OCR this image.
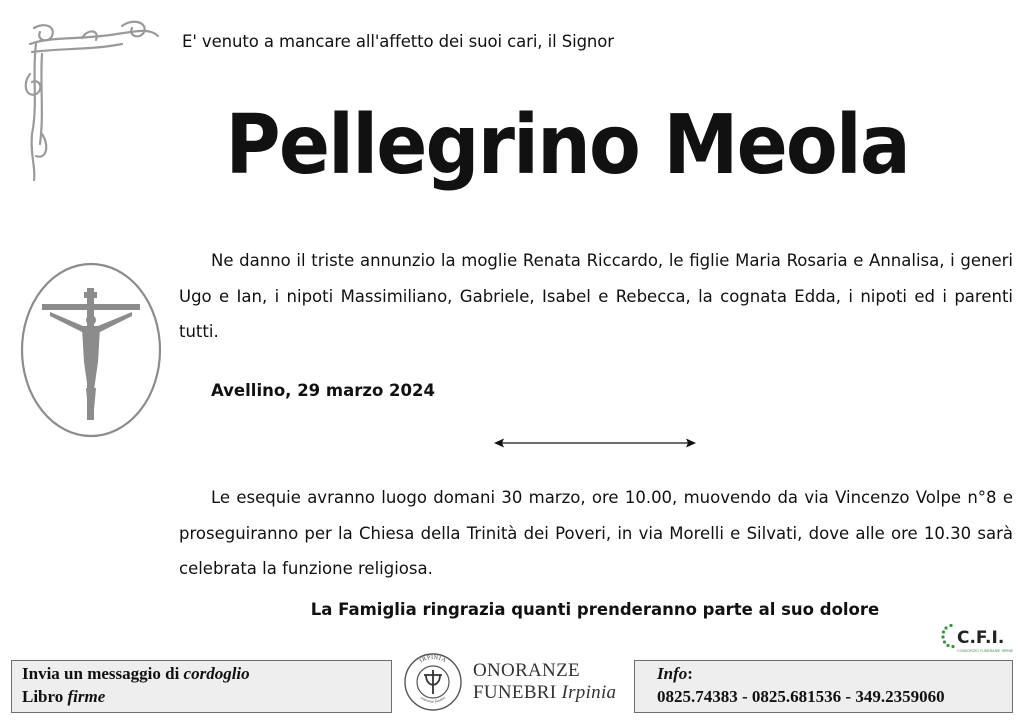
E' venuto a mancare all'affetto dei suoi cari, il Signor
Pellegrino Meola
Ne danno il triste annunzio la moglie Renata Riccardo, le figlie Maria Rosaria e Annalisa, i generi Ugo e Ian, i nipoti Massimiliano, Gabriele, Isabel e Rebecca, la cognata Edda, i nipoti ed i parenti tutti.
Avellino, 29 marzo 2024
Le esequie avranno luogo domani 30 marzo, ore 10.00, muovendo da via Vincenzo Volpe n°8 e proseguiranno per la Chiesa della Trinità dei Poveri, in via Morelli e Silvati, dove alle ore 10.30 sarà celebrata la funzione religiosa.
La Famiglia ringrazia quanti prenderanno parte al suo dolore
C.F.I.
CONSORZIO FUNERARIE IRPINE
Invia un messaggio di cordoglio
Libro firme
IRPINIA
onoranze funebri
ONORANZE
FUNEBRI Irpinia
Info:
0825.74383 - 0825.681536 - 349.2359060
